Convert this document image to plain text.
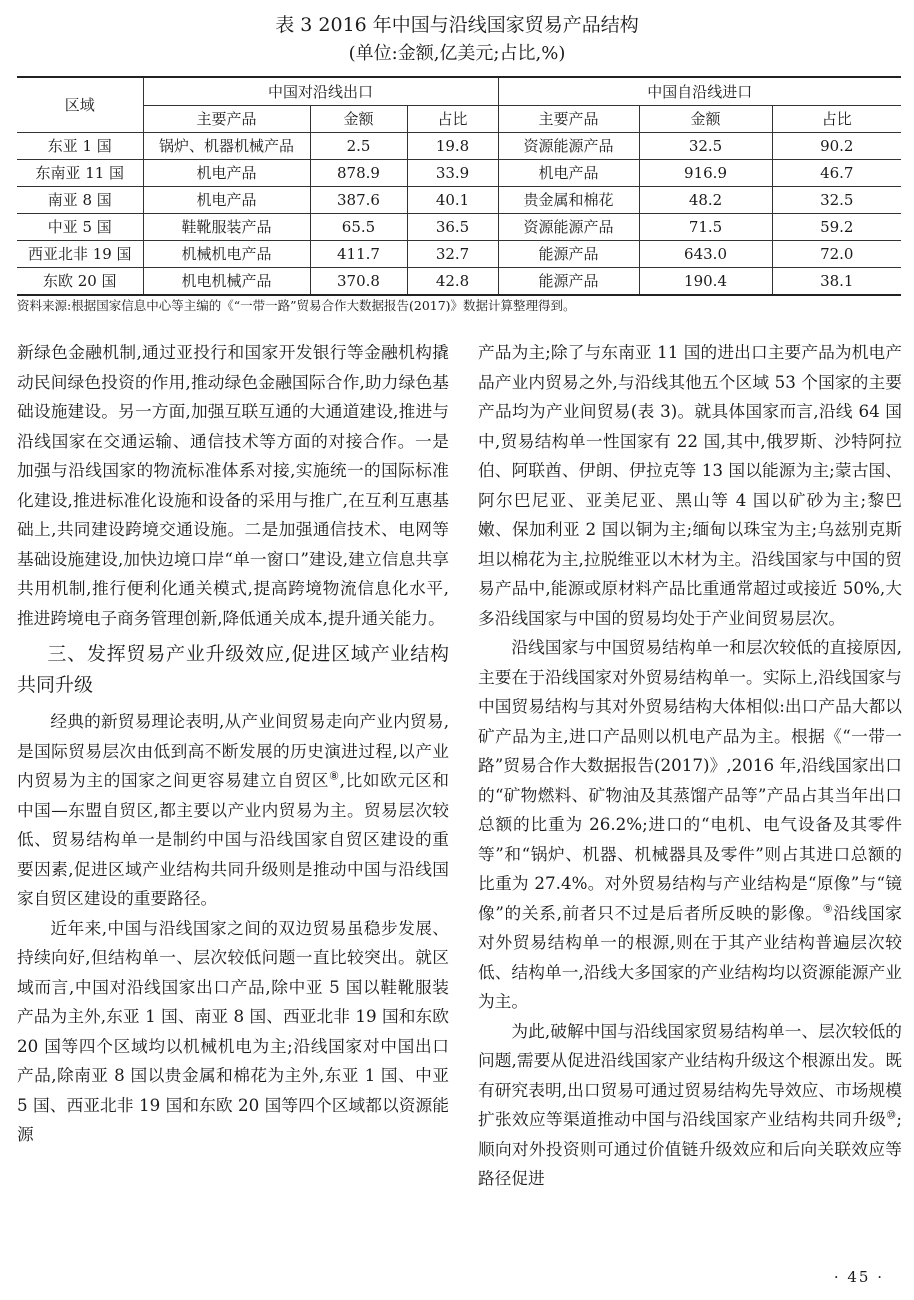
表 3 2016 年中国与沿线国家贸易产品结构
(单位:金额,亿美元;占比,%)
区域	中国对沿线出口			中国自沿线进口		
	主要产品	金额	占比	主要产品	金额	占比
东亚 1 国	锅炉、机器机械产品	2.5	19.8	资源能源产品	32.5	90.2
东南亚 11 国	机电产品	878.9	33.9	机电产品	916.9	46.7
南亚 8 国	机电产品	387.6	40.1	贵金属和棉花	48.2	32.5
中亚 5 国	鞋靴服装产品	65.5	36.5	资源能源产品	71.5	59.2
西亚北非 19 国	机械机电产品	411.7	32.7	能源产品	643.0	72.0
东欧 20 国	机电机械产品	370.8	42.8	能源产品	190.4	38.1
资料来源:根据国家信息中心等主编的《“一带一路”贸易合作大数据报告(2017)》数据计算整理得到。

新绿色金融机制,通过亚投行和国家开发银行等金融机构撬动民间绿色投资的作用,推动绿色金融国际合作,助力绿色基础设施建设。另一方面,加强互联互通的大通道建设,推进与沿线国家在交通运输、通信技术等方面的对接合作。一是加强与沿线国家的物流标准体系对接,实施统一的国际标准化建设,推进标准化设施和设备的采用与推广,在互利互惠基础上,共同建设跨境交通设施。二是加强通信技术、电网等基础设施建设,加快边境口岸“单一窗口”建设,建立信息共享共用机制,推行便利化通关模式,提高跨境物流信息化水平,推进跨境电子商务管理创新,降低通关成本,提升通关能力。

三、发挥贸易产业升级效应,促进区域产业结构共同升级

经典的新贸易理论表明,从产业间贸易走向产业内贸易,是国际贸易层次由低到高不断发展的历史演进过程,以产业内贸易为主的国家之间更容易建立自贸区⑧,比如欧元区和中国—东盟自贸区,都主要以产业内贸易为主。贸易层次较低、贸易结构单一是制约中国与沿线国家自贸区建设的重要因素,促进区域产业结构共同升级则是推动中国与沿线国家自贸区建设的重要路径。

近年来,中国与沿线国家之间的双边贸易虽稳步发展、持续向好,但结构单一、层次较低问题一直比较突出。就区域而言,中国对沿线国家出口产品,除中亚 5 国以鞋靴服装产品为主外,东亚 1 国、南亚 8 国、西亚北非 19 国和东欧 20 国等四个区域均以机械机电为主;沿线国家对中国出口产品,除南亚 8 国以贵金属和棉花为主外,东亚 1 国、中亚 5 国、西亚北非 19 国和东欧 20 国等四个区域都以资源能源

产品为主;除了与东南亚 11 国的进出口主要产品为机电产品产业内贸易之外,与沿线其他五个区域 53 个国家的主要产品均为产业间贸易(表 3)。就具体国家而言,沿线 64 国中,贸易结构单一性国家有 22 国,其中,俄罗斯、沙特阿拉伯、阿联酋、伊朗、伊拉克等 13 国以能源为主;蒙古国、阿尔巴尼亚、亚美尼亚、黑山等 4 国以矿砂为主;黎巴嫩、保加利亚 2 国以铜为主;缅甸以珠宝为主;乌兹别克斯坦以棉花为主,拉脱维亚以木材为主。沿线国家与中国的贸易产品中,能源或原材料产品比重通常超过或接近 50%,大多沿线国家与中国的贸易均处于产业间贸易层次。

沿线国家与中国贸易结构单一和层次较低的直接原因,主要在于沿线国家对外贸易结构单一。实际上,沿线国家与中国贸易结构与其对外贸易结构大体相似:出口产品大都以矿产品为主,进口产品则以机电产品为主。根据《“一带一路”贸易合作大数据报告(2017)》,2016 年,沿线国家出口的“矿物燃料、矿物油及其蒸馏产品等”产品占其当年出口总额的比重为 26.2%;进口的“电机、电气设备及其零件等”和“锅炉、机器、机械器具及零件”则占其进口总额的比重为 27.4%。对外贸易结构与产业结构是“原像”与“镜像”的关系,前者只不过是后者所反映的影像。⑨沿线国家对外贸易结构单一的根源,则在于其产业结构普遍层次较低、结构单一,沿线大多国家的产业结构均以资源能源产业为主。

为此,破解中国与沿线国家贸易结构单一、层次较低的问题,需要从促进沿线国家产业结构升级这个根源出发。既有研究表明,出口贸易可通过贸易结构先导效应、市场规模扩张效应等渠道推动中国与沿线国家产业结构共同升级⑩;顺向对外投资则可通过价值链升级效应和后向关联效应等路径促进

· 45 ·
